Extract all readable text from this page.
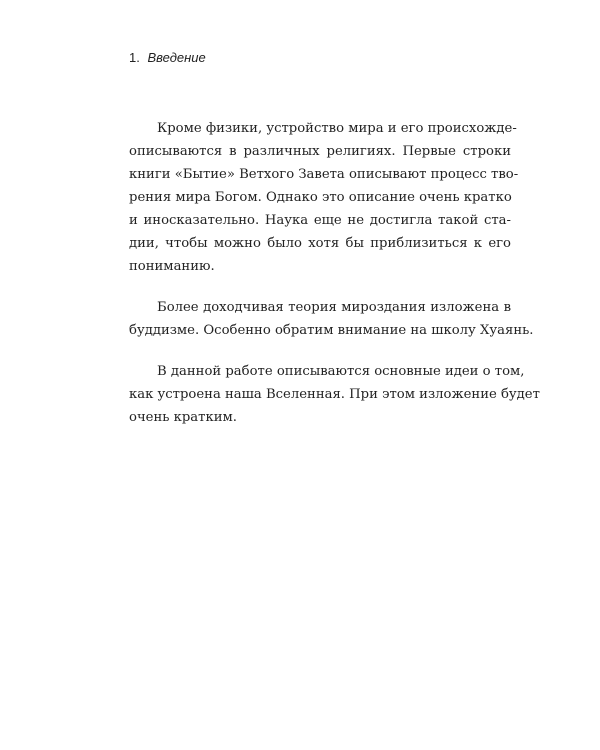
1. Введение
Кроме физики, устройство мира и его происхожде-
описываются в различных религиях. Первые строки
книги «Бытие» Ветхого Завета описывают процесс тво-
рения мира Богом. Однако это описание очень кратко
и иносказательно. Наука еще не достигла такой ста-
дии, чтобы можно было хотя бы приблизиться к его
пониманию.
Более доходчивая теория мироздания изложена в
буддизме. Особенно обратим внимание на школу Хуаянь.
В данной работе описываются основные идеи о том,
как устроена наша Вселенная. При этом изложение будет
очень кратким.
